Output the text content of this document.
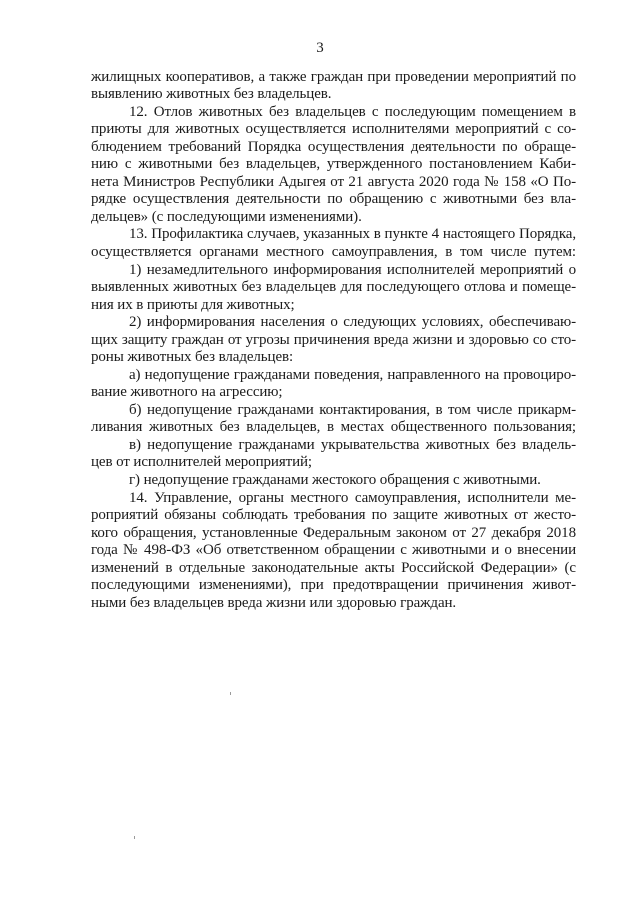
3
жилищных кооперативов, а также граждан при проведении мероприятий по
выявлению животных без владельцев.
12. Отлов животных без владельцев с последующим помещением в
приюты для животных осуществляется исполнителями мероприятий с со-
блюдением требований Порядка осуществления деятельности по обраще-
нию с животными без владельцев, утвержденного постановлением Каби-
нета Министров Республики Адыгея от 21 августа 2020 года № 158 «О По-
рядке осуществления деятельности по обращению с животными без вла-
дельцев» (с последующими изменениями).
13. Профилактика случаев, указанных в пункте 4 настоящего Порядка,
осуществляется органами местного самоуправления, в том числе путем:
1) незамедлительного информирования исполнителей мероприятий о
выявленных животных без владельцев для последующего отлова и помеще-
ния их в приюты для животных;
2) информирования населения о следующих условиях, обеспечиваю-
щих защиту граждан от угрозы причинения вреда жизни и здоровью со сто-
роны животных без владельцев:
а) недопущение гражданами поведения, направленного на провоциро-
вание животного на агрессию;
б) недопущение гражданами контактирования, в том числе прикарм-
ливания животных без владельцев, в местах общественного пользования;
в) недопущение гражданами укрывательства животных без владель-
цев от исполнителей мероприятий;
г) недопущение гражданами жестокого обращения с животными.
14. Управление, органы местного самоуправления, исполнители ме-
роприятий обязаны соблюдать требования по защите животных от жесто-
кого обращения, установленные Федеральным законом от 27 декабря 2018
года № 498-ФЗ «Об ответственном обращении с животными и о внесении
изменений в отдельные законодательные акты Российской Федерации» (с
последующими изменениями), при предотвращении причинения живот-
ными без владельцев вреда жизни или здоровью граждан.
